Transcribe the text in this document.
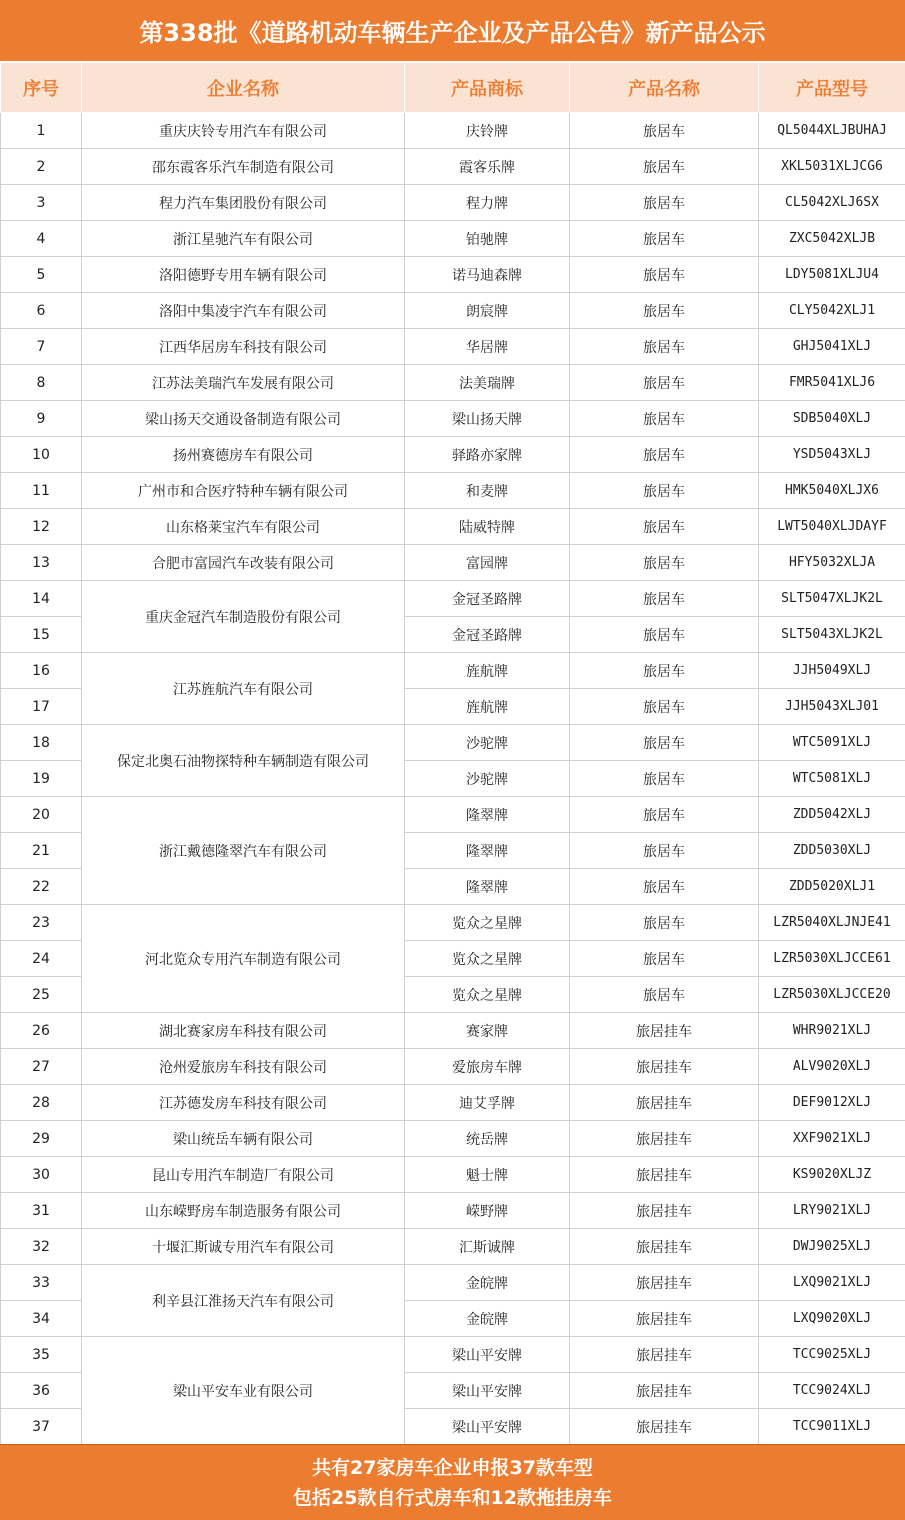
第338批《道路机动车辆生产企业及产品公告》新产品公示
序号	企业名称	产品商标	产品名称	产品型号
1	重庆庆铃专用汽车有限公司	庆铃牌	旅居车	QL5044XLJBUHAJ
2	邵东霞客乐汽车制造有限公司	霞客乐牌	旅居车	XKL5031XLJCG6
3	程力汽车集团股份有限公司	程力牌	旅居车	CL5042XLJ6SX
4	浙江星驰汽车有限公司	铂驰牌	旅居车	ZXC5042XLJB
5	洛阳德野专用车辆有限公司	诺马迪森牌	旅居车	LDY5081XLJU4
6	洛阳中集凌宇汽车有限公司	朗宸牌	旅居车	CLY5042XLJ1
7	江西华居房车科技有限公司	华居牌	旅居车	GHJ5041XLJ
8	江苏法美瑞汽车发展有限公司	法美瑞牌	旅居车	FMR5041XLJ6
9	梁山扬天交通设备制造有限公司	梁山扬天牌	旅居车	SDB5040XLJ
10	扬州赛德房车有限公司	驿路亦家牌	旅居车	YSD5043XLJ
11	广州市和合医疗特种车辆有限公司	和麦牌	旅居车	HMK5040XLJX6
12	山东格莱宝汽车有限公司	陆威特牌	旅居车	LWT5040XLJDAYF
13	合肥市富园汽车改装有限公司	富园牌	旅居车	HFY5032XLJA
14	重庆金冠汽车制造股份有限公司	金冠圣路牌	旅居车	SLT5047XLJK2L
15		金冠圣路牌	旅居车	SLT5043XLJK2L
16	江苏旌航汽车有限公司	旌航牌	旅居车	JJH5049XLJ
17		旌航牌	旅居车	JJH5043XLJ01
18	保定北奥石油物探特种车辆制造有限公司	沙驼牌	旅居车	WTC5091XLJ
19		沙驼牌	旅居车	WTC5081XLJ
20	浙江戴德隆翠汽车有限公司	隆翠牌	旅居车	ZDD5042XLJ
21		隆翠牌	旅居车	ZDD5030XLJ
22		隆翠牌	旅居车	ZDD5020XLJ1
23	河北览众专用汽车制造有限公司	览众之星牌	旅居车	LZR5040XLJNJE41
24		览众之星牌	旅居车	LZR5030XLJCCE61
25		览众之星牌	旅居车	LZR5030XLJCCE20
26	湖北赛家房车科技有限公司	赛家牌	旅居挂车	WHR9021XLJ
27	沧州爱旅房车科技有限公司	爱旅房车牌	旅居挂车	ALV9020XLJ
28	江苏德发房车科技有限公司	迪艾孚牌	旅居挂车	DEF9012XLJ
29	梁山统岳车辆有限公司	统岳牌	旅居挂车	XXF9021XLJ
30	昆山专用汽车制造厂有限公司	魁士牌	旅居挂车	KS9020XLJZ
31	山东嵘野房车制造服务有限公司	嵘野牌	旅居挂车	LRY9021XLJ
32	十堰汇斯诚专用汽车有限公司	汇斯诚牌	旅居挂车	DWJ9025XLJ
33	利辛县江淮扬天汽车有限公司	金皖牌	旅居挂车	LXQ9021XLJ
34		金皖牌	旅居挂车	LXQ9020XLJ
35	梁山平安车业有限公司	梁山平安牌	旅居挂车	TCC9025XLJ
36		梁山平安牌	旅居挂车	TCC9024XLJ
37		梁山平安牌	旅居挂车	TCC9011XLJ
共有27家房车企业申报37款车型
包括25款自行式房车和12款拖挂房车
